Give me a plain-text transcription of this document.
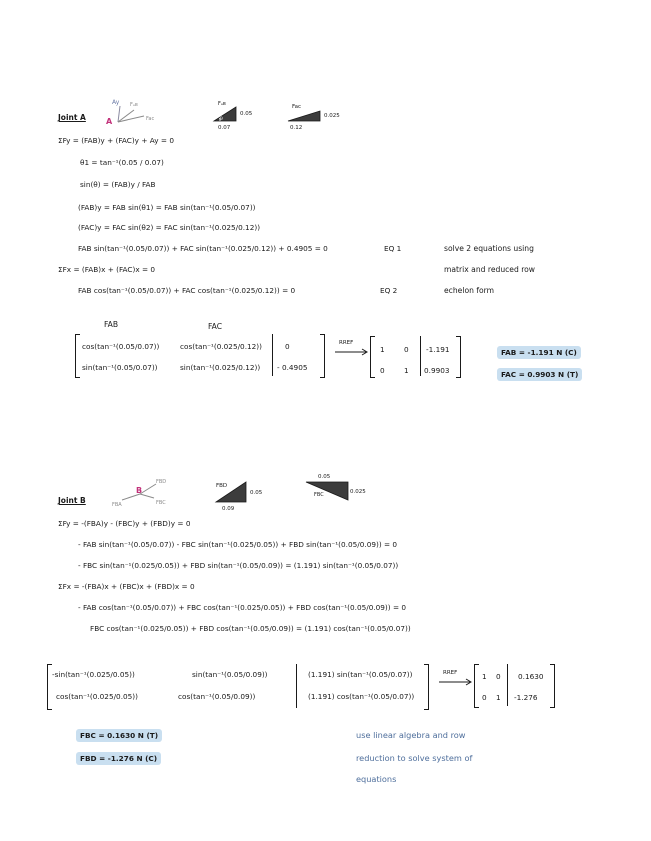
Joint A
Ay Fₐʙ
Fac
A
Fₐʙ
θ
0.05
0.07
Fac
0.025
0.12
ΣFy = (FAB)y + (FAC)y + Ay = 0
θ1 = tan⁻¹(0.05 / 0.07)
sin(θ) = (FAB)y / FAB
(FAB)y = FAB sin(θ1) = FAB sin(tan⁻¹(0.05/0.07))
(FAC)y = FAC sin(θ2) = FAC sin(tan⁻¹(0.025/0.12))
FAB sin(tan⁻¹(0.05/0.07)) + FAC sin(tan⁻¹(0.025/0.12)) + 0.4905 = 0	EQ 1
ΣFx = (FAB)x + (FAC)x = 0
FAB cos(tan⁻¹(0.05/0.07)) + FAC cos(tan⁻¹(0.025/0.12)) = 0	EQ 2
solve 2 equations using
matrix and reduced row
echelon form
FAB	FAC
cos(tan⁻¹(0.05/0.07))	cos(tan⁻¹(0.025/0.12))	0
sin(tan⁻¹(0.05/0.07))	sin(tan⁻¹(0.025/0.12)) - 0.4905
RREF
1	0 -1.191
0	1 0.9903
FAB = -1.191 N (C)
FAC = 0.9903 N (T)
Joint B
FBD
FBA	FBC
B	FBD
0.05
0.09
0.05
0.025
FBC
ΣFy = -(FBA)y - (FBC)y + (FBD)y = 0
- FAB sin(tan⁻¹(0.05/0.07)) - FBC sin(tan⁻¹(0.025/0.05)) + FBD sin(tan⁻¹(0.05/0.09)) = 0
- FBC sin(tan⁻¹(0.025/0.05)) + FBD sin(tan⁻¹(0.05/0.09)) = (1.191) sin(tan⁻¹(0.05/0.07))
ΣFx = -(FBA)x + (FBC)x + (FBD)x = 0
- FAB cos(tan⁻¹(0.05/0.07)) + FBC cos(tan⁻¹(0.025/0.05)) + FBD cos(tan⁻¹(0.05/0.09)) = 0
FBC cos(tan⁻¹(0.025/0.05)) + FBD cos(tan⁻¹(0.05/0.09)) = (1.191) cos(tan⁻¹(0.05/0.07))
-sin(tan⁻¹(0.025/0.05))	sin(tan⁻¹(0.05/0.09))	(1.191) sin(tan⁻¹(0.05/0.07))
cos(tan⁻¹(0.025/0.05))	cos(tan⁻¹(0.05/0.09))	(1.191) cos(tan⁻¹(0.05/0.07))
RREF	1 0 0.1630
0 1 -1.276
FBC = 0.1630 N (T)
FBD = -1.276 N (C)
use linear algebra and row
reduction to solve system of
equations
